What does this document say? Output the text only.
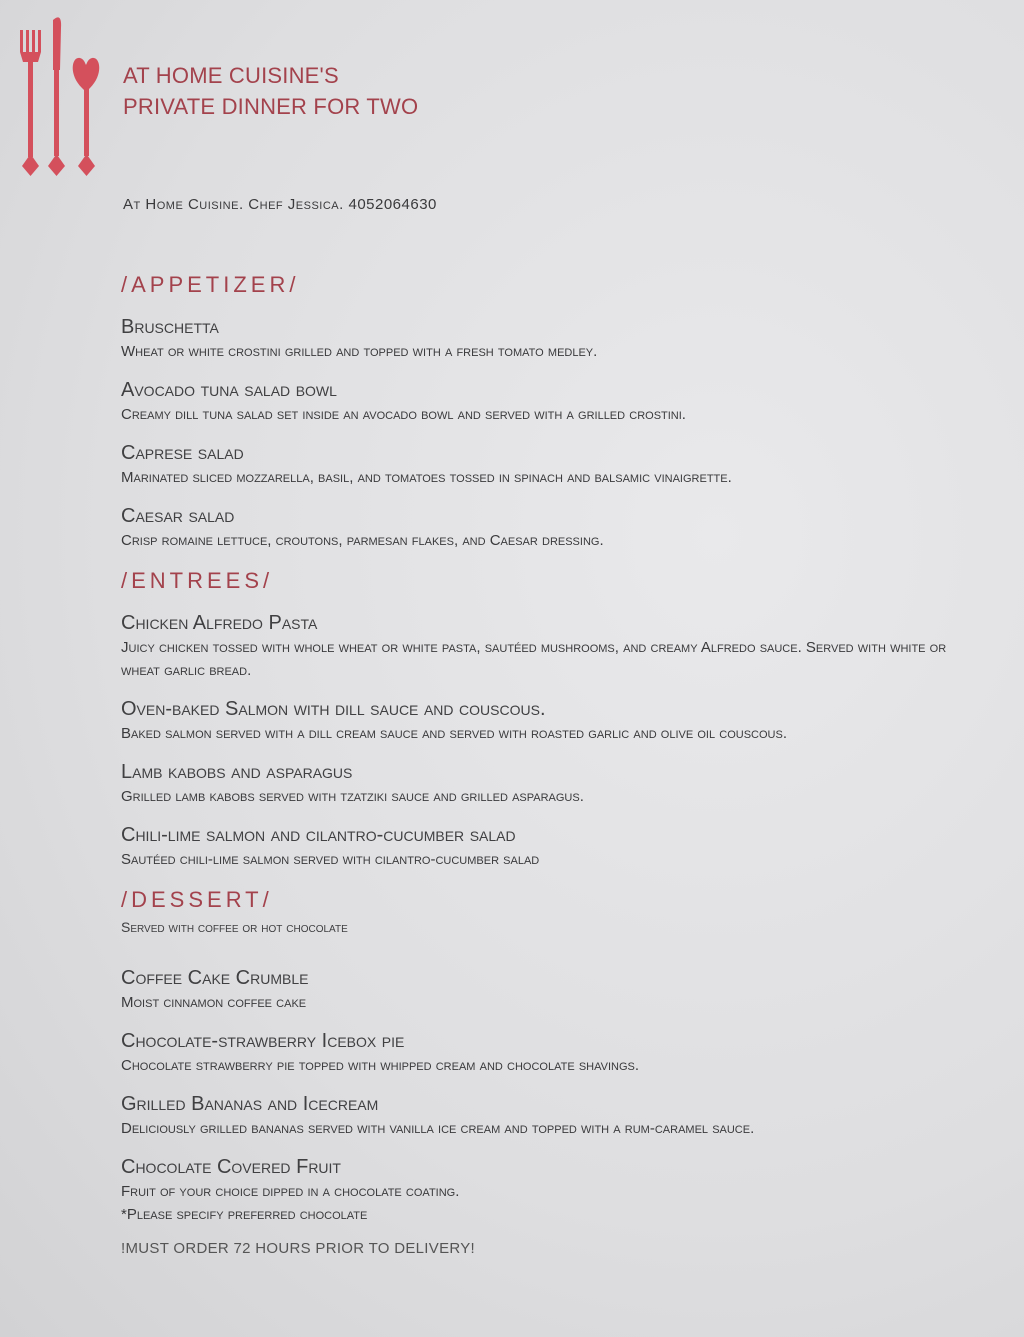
AT HOME CUISINE'S
PRIVATE DINNER FOR TWO
At Home Cuisine. Chef Jessica. 4052064630
/APPETIZER/
Bruschetta
Wheat or white crostini grilled and topped with a fresh tomato medley.
Avocado tuna salad bowl
Creamy dill tuna salad set inside an avocado bowl and served with a grilled crostini.
Caprese salad
Marinated sliced mozzarella, basil, and tomatoes tossed in spinach and balsamic vinaigrette.
Caesar salad
Crisp romaine lettuce, croutons, parmesan flakes, and Caesar dressing.
/ENTREES/
Chicken Alfredo Pasta
Juicy chicken tossed with whole wheat or white pasta, sautéed mushrooms, and creamy Alfredo sauce. Served with white or wheat garlic bread.
Oven-baked Salmon with dill sauce and couscous.
Baked salmon served with a dill cream sauce and served with roasted garlic and olive oil couscous.
Lamb kabobs and asparagus
Grilled lamb kabobs served with tzatziki sauce and grilled asparagus.
Chili-lime salmon and cilantro-cucumber salad
Sautéed chili-lime salmon served with cilantro-cucumber salad
/DESSERT/
Served with coffee or hot chocolate
Coffee Cake Crumble
Moist cinnamon coffee cake
Chocolate-strawberry Icebox pie
Chocolate strawberry pie topped with whipped cream and chocolate shavings.
Grilled Bananas and Icecream
Deliciously grilled bananas served with vanilla ice cream and topped with a rum-caramel sauce.
Chocolate Covered Fruit
Fruit of your choice dipped in a chocolate coating.
*Please specify preferred chocolate
!MUST ORDER 72 HOURS PRIOR TO DELIVERY!
